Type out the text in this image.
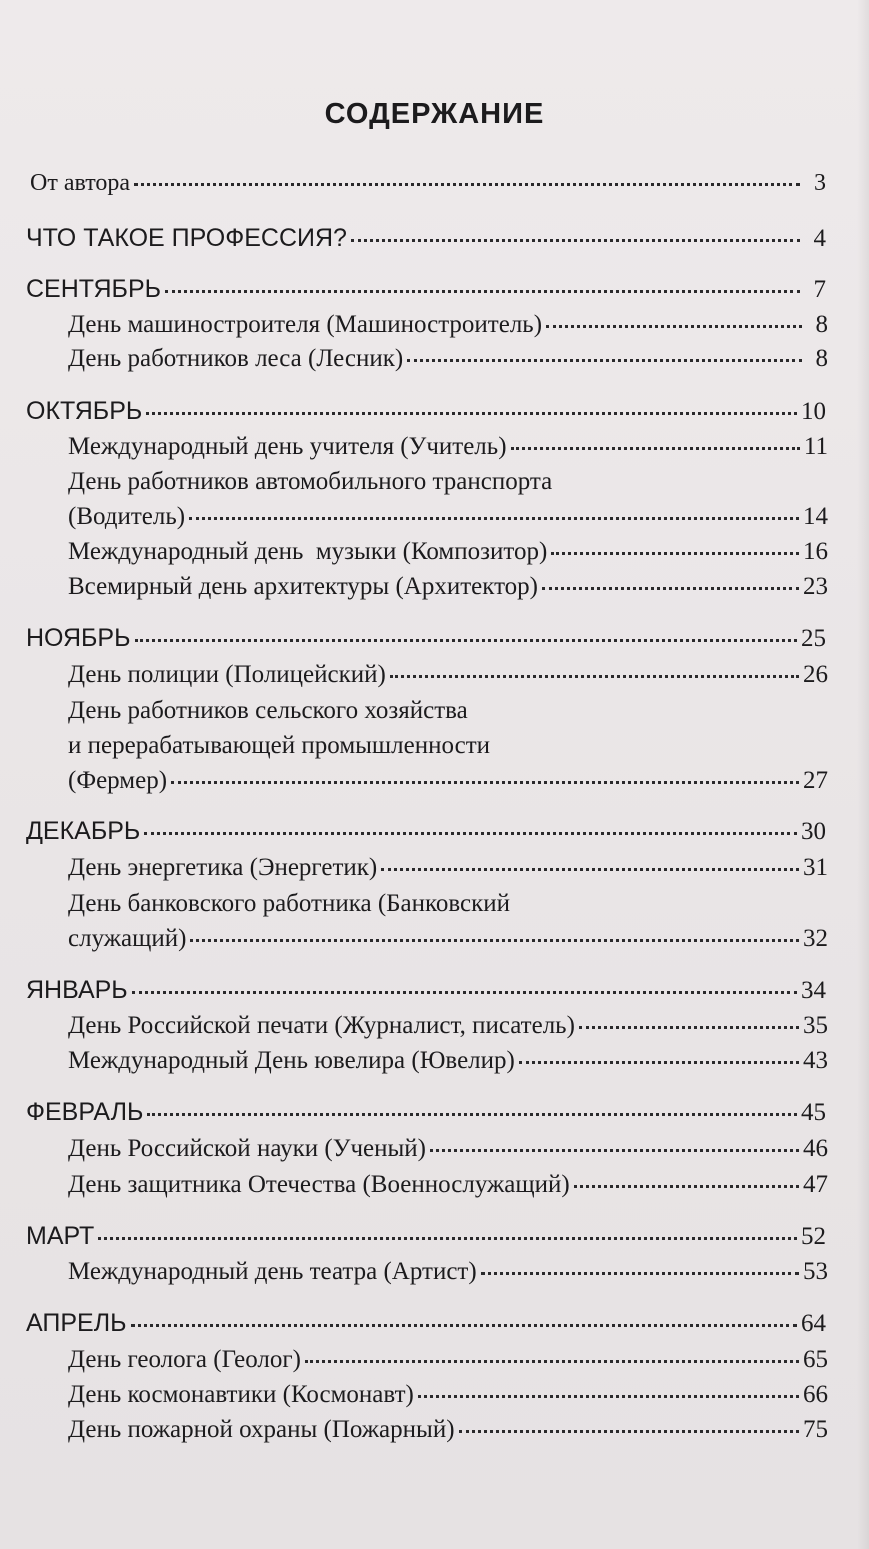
СОДЕРЖАНИЕ
От автора	3
ЧТО ТАКОЕ ПРОФЕССИЯ?	4
СЕНТЯБРЬ	7
День машиностроителя (Машиностроитель)	8
День работников леса (Лесник)	8
ОКТЯБРЬ	10
Международный день учителя (Учитель)	11
День работников автомобильного транспорта
(Водитель)	14
Международный день  музыки (Композитор)	16
Всемирный день архитектуры (Архитектор)	23
НОЯБРЬ	25
День полиции (Полицейский)	26
День работников сельского хозяйства
и перерабатывающей промышленности
(Фермер)	27
ДЕКАБРЬ	30
День энергетика (Энергетик)	31
День банковского работника (Банковский
служащий)	32
ЯНВАРЬ	34
День Российской печати (Журналист, писатель)	35
Международный День ювелира (Ювелир)	43
ФЕВРАЛЬ	45
День Российской науки (Ученый)	46
День защитника Отечества (Военнослужащий)	47
МАРТ	52
Международный день театра (Артист)	53
АПРЕЛЬ	64
День геолога (Геолог)	65
День космонавтики (Космонавт)	66
День пожарной охраны (Пожарный)	75
